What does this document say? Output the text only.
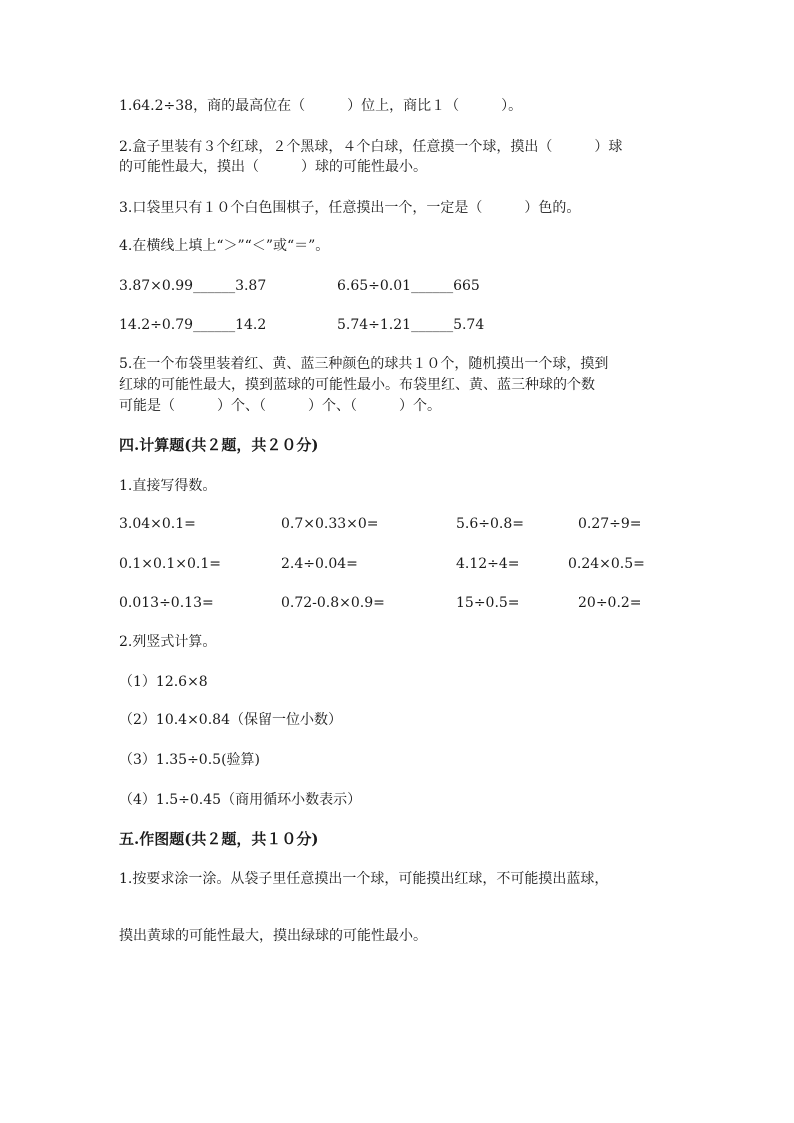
1.64.2÷38，商的最高位在（　　　）位上，商比１（　　　）。
2.盒子里装有３个红球，２个黑球，４个白球，任意摸一个球，摸出（　　　）球
的可能性最大，摸出（　　　）球的可能性最小。
3.口袋里只有１０个白色围棋子，任意摸出一个，一定是（　　　）色的。
4.在横线上填上“＞”“＜”或“＝”。
3.87×0.99______3.87	6.65÷0.01______665
14.2÷0.79______14.2	5.74÷1.21______5.74
5.在一个布袋里装着红、黄、蓝三种颜色的球共１０个，随机摸出一个球，摸到
红球的可能性最大，摸到蓝球的可能性最小。布袋里红、黄、蓝三种球的个数
可能是（　　　）个、（　　　）个、（　　　）个。
四.计算题(共２题，共２０分)
1.直接写得数。
3.04×0.1=	0.7×0.33×0=	5.6÷0.8=	0.27÷9=
0.1×0.1×0.1=	2.4÷0.04=	4.12÷4=	0.24×0.5=
0.013÷0.13=	0.72-0.8×0.9=	15÷0.5=	20÷0.2=
2.列竖式计算。
（1）12.6×8
（2）10.4×0.84（保留一位小数）
（3）1.35÷0.5(验算)
（4）1.5÷0.45（商用循环小数表示）
五.作图题(共２题，共１０分)
1.按要求涂一涂。从袋子里任意摸出一个球，可能摸出红球，不可能摸出蓝球，
摸出黄球的可能性最大，摸出绿球的可能性最小。
